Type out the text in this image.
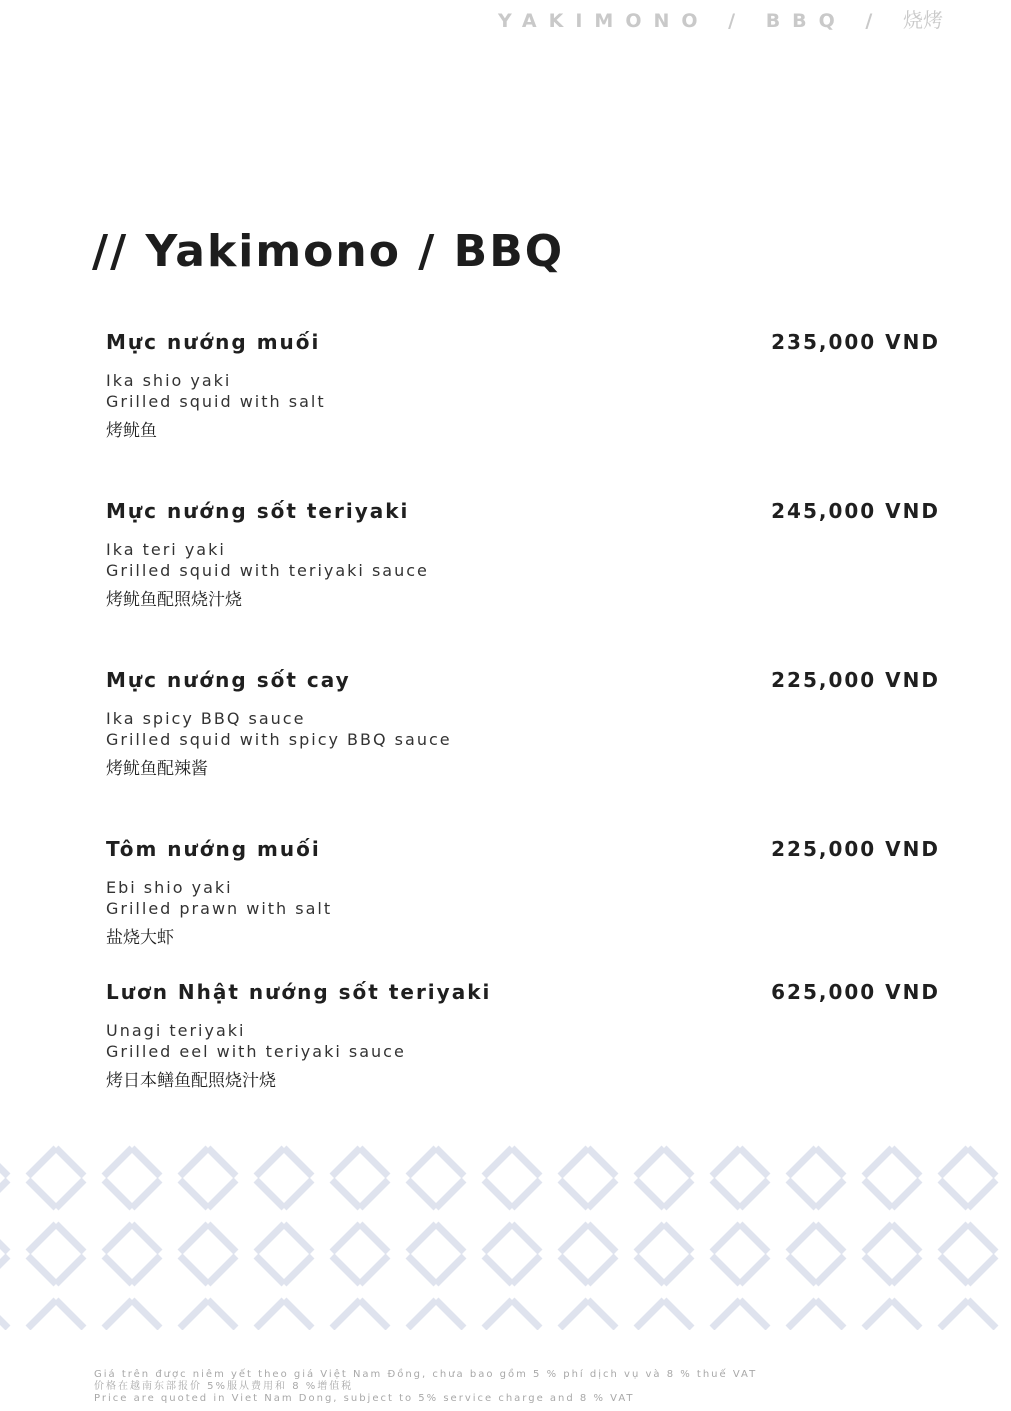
YAKIMONO / BBQ / 烧烤
// Yakimono / BBQ
Mực nướng muối	235,000 VND
Ika shio yaki
Grilled squid with salt
烤鱿鱼
Mực nướng sốt teriyaki	245,000 VND
Ika teri yaki
Grilled squid with teriyaki sauce
烤鱿鱼配照烧汁烧
Mực nướng sốt cay	225,000 VND
Ika spicy BBQ sauce
Grilled squid with spicy BBQ sauce
烤鱿鱼配辣酱
Tôm nướng muối	225,000 VND
Ebi shio yaki
Grilled prawn with salt
盐烧大虾
Lươn Nhật nướng sốt teriyaki	625,000 VND
Unagi teriyaki
Grilled eel with teriyaki sauce
烤日本鳝鱼配照烧汁烧
Giá trên được niêm yết theo giá Việt Nam Đồng, chưa bao gồm 5 % phí dịch vụ và 8 % thuế VAT
价格在越南东部报价 5%服从费用和 8 %增值税
Price are quoted in Viet Nam Dong, subject to 5% service charge and 8 % VAT
